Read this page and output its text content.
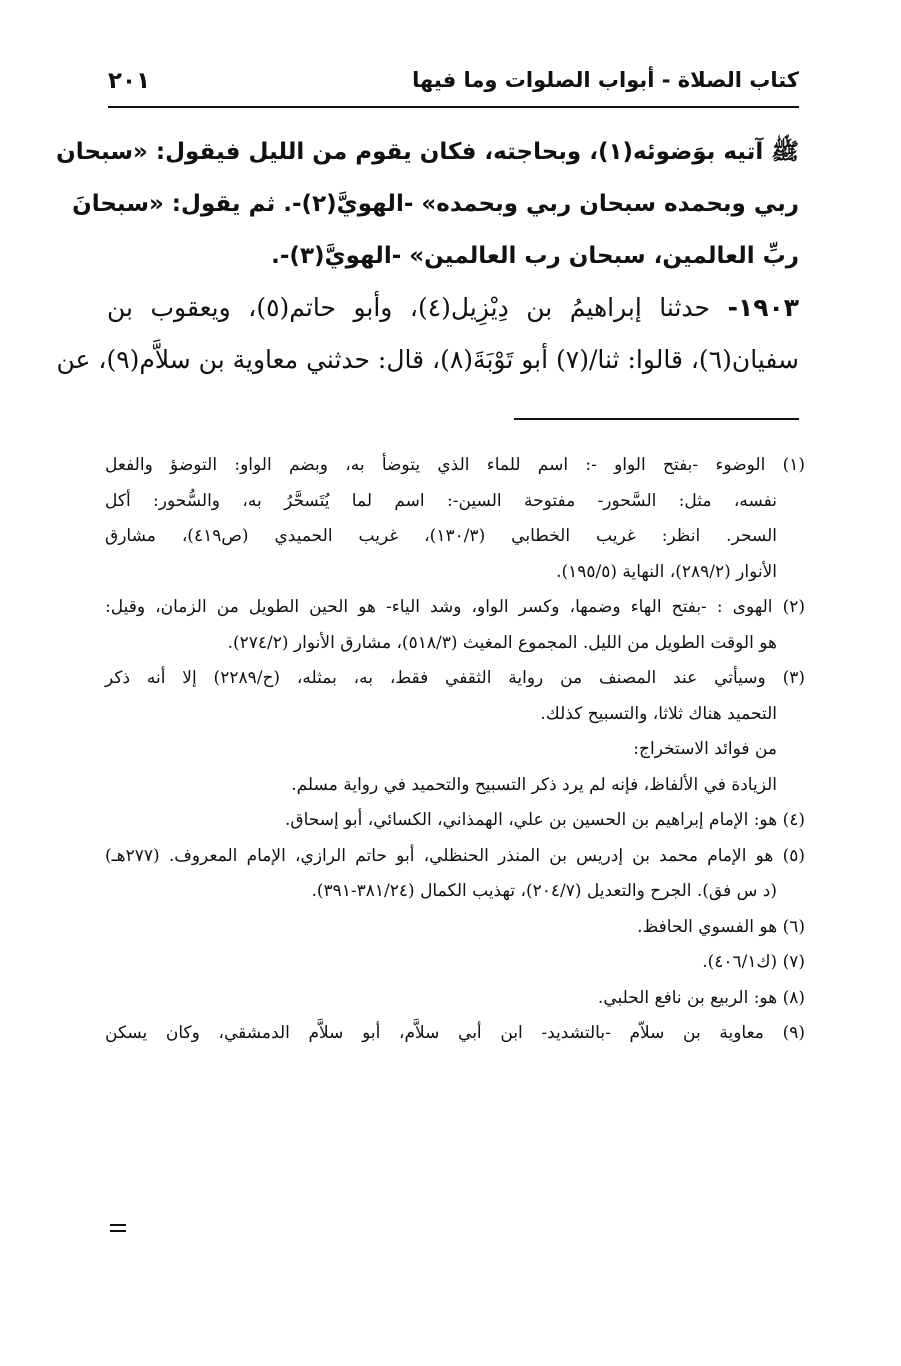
كتاب الصلاة - أبواب الصلوات وما فيها
٢٠١
ﷺ آتيه بوَضوئه(١)، وبحاجته، فكان يقوم من الليل فيقول: «سبحان
ربي وبحمده سبحان ربي وبحمده» -الهويَّ(٢)-. ثم يقول: «سبحانَ
ربِّ العالمين، سبحان رب العالمين» -الهويَّ(٣)-.
١٩٠٣- حدثنا إبراهيمُ بن دِيْزِيل(٤)، وأبو حاتم(٥)، ويعقوب بن
سفيان(٦)، قالوا: ثنا/(٧) أبو تَوْبَةَ(٨)، قال: حدثني معاوية بن سلاَّم(٩)، عن
(١) الوضوء -بفتح الواو -: اسم للماء الذي يتوضأ به، وبضم الواو: التوضؤ والفعل
نفسه، مثل: السَّحور- مفتوحة السين-: اسم لما يُتَسحَّرُ به، والسُّحور: أكل
السحر. انظر: غريب الخطابي (١٣٠/٣)، غريب الحميدي (ص٤١٩)، مشارق
الأنوار (٢٨٩/٢)، النهاية (١٩٥/٥).
(٢) الهوى : -بفتح الهاء وضمها، وكسر الواو، وشد الياء- هو الحين الطويل من الزمان، وقيل:
هو الوقت الطويل من الليل. المجموع المغيث (٥١٨/٣)، مشارق الأنوار (٢٧٤/٢).
(٣) وسيأتي عند المصنف من رواية الثقفي فقط، به، بمثله، (ح/٢٢٨٩) إلا أنه ذكر
التحميد هناك ثلاثا، والتسبيح كذلك.
من فوائد الاستخراج:
الزيادة في الألفاظ، فإنه لم يرد ذكر التسبيح والتحميد في رواية مسلم.
(٤) هو: الإمام إبراهيم بن الحسين بن علي، الهمذاني، الكسائي، أبو إسحاق.
(٥) هو الإمام محمد بن إدريس بن المنذر الحنظلي، أبو حاتم الرازي، الإمام المعروف. (٢٧٧هـ)
(د س فق). الجرح والتعديل (٢٠٤/٧)، تهذيب الكمال (٣٨١/٢٤-٣٩١).
(٦) هو الفسوي الحافظ.
(٧) (ك٤٠٦/١).
(٨) هو: الربيع بن نافع الحلبي.
(٩) معاوية بن سلاّم -بالتشديد- ابن أبي سلاَّم، أبو سلاَّم الدمشقي، وكان يسكن
